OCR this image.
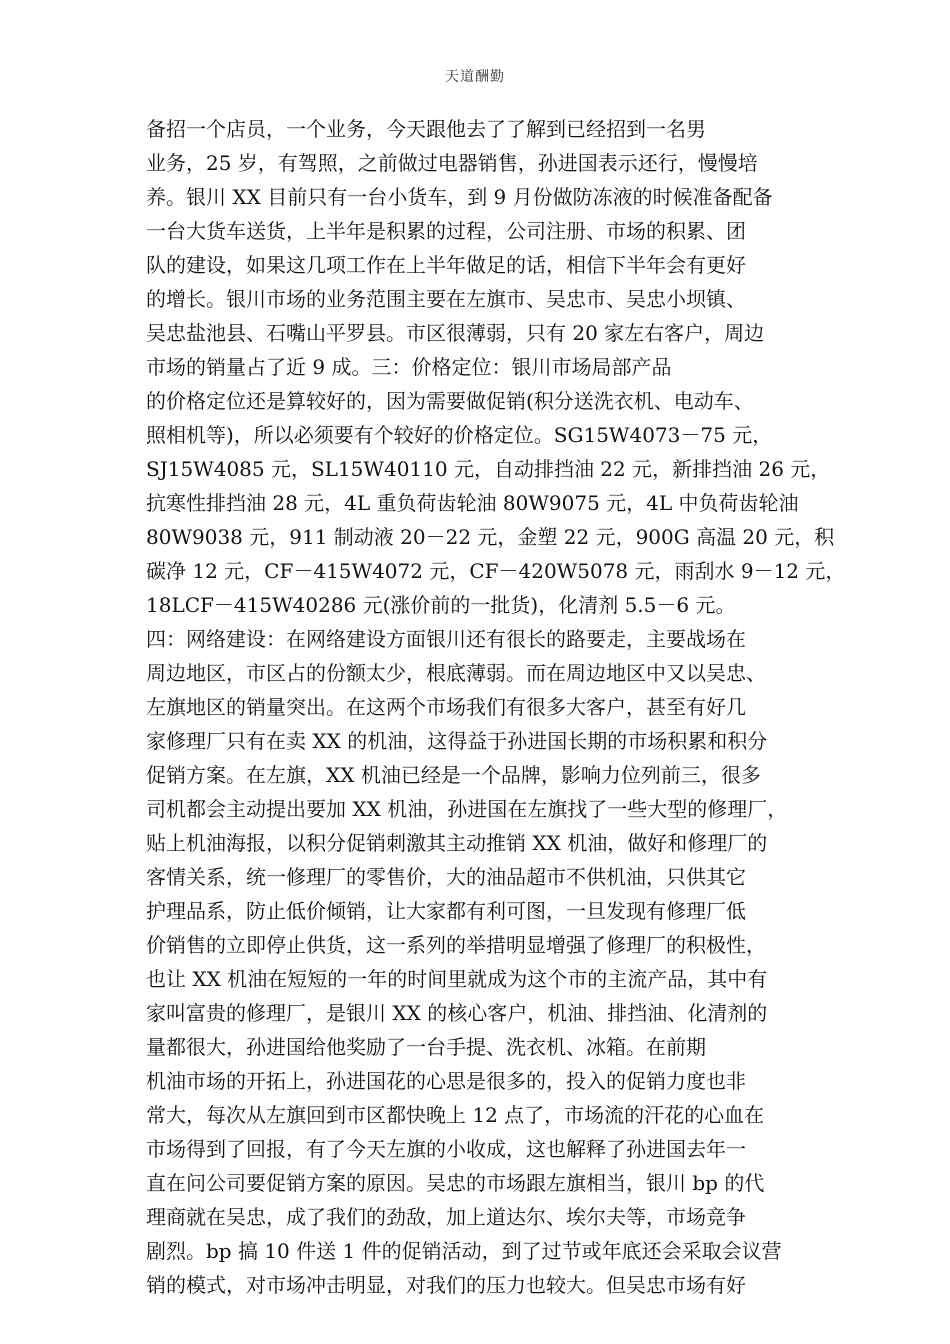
天道酬勤
备招一个店员，一个业务，今天跟他去了了解到已经招到一名男
业务，25 岁，有驾照，之前做过电器销售，孙进国表示还行，慢慢培
养。银川 XX 目前只有一台小货车，到 9 月份做防冻液的时候准备配备
一台大货车送货，上半年是积累的过程，公司注册、市场的积累、团
队的建设，如果这几项工作在上半年做足的话，相信下半年会有更好
的增长。银川市场的业务范围主要在左旗市、吴忠市、吴忠小坝镇、
吴忠盐池县、石嘴山平罗县。市区很薄弱，只有 20 家左右客户，周边
市场的销量占了近 9 成。三：价格定位：银川市场局部产品
的价格定位还是算较好的，因为需要做促销(积分送洗衣机、电动车、
照相机等)，所以必须要有个较好的价格定位。SG15W4073－75 元，
SJ15W4085 元，SL15W40110 元，自动排挡油 22 元，新排挡油 26 元，
抗寒性排挡油 28 元，4L 重负荷齿轮油 80W9075 元，4L 中负荷齿轮油
80W9038 元，911 制动液 20－22 元，金塑 22 元，900G 高温 20 元，积
碳净 12 元，CF－415W4072 元，CF－420W5078 元，雨刮水 9－12 元，
18LCF－415W40286 元(涨价前的一批货)，化清剂 5.5－6 元。
四：网络建设：在网络建设方面银川还有很长的路要走，主要战场在
周边地区，市区占的份额太少，根底薄弱。而在周边地区中又以吴忠、
左旗地区的销量突出。在这两个市场我们有很多大客户，甚至有好几
家修理厂只有在卖 XX 的机油，这得益于孙进国长期的市场积累和积分
促销方案。在左旗，XX 机油已经是一个品牌，影响力位列前三，很多
司机都会主动提出要加 XX 机油，孙进国在左旗找了一些大型的修理厂，
贴上机油海报，以积分促销刺激其主动推销 XX 机油，做好和修理厂的
客情关系，统一修理厂的零售价，大的油品超市不供机油，只供其它
护理品系，防止低价倾销，让大家都有利可图，一旦发现有修理厂低
价销售的立即停止供货，这一系列的举措明显增强了修理厂的积极性，
也让 XX 机油在短短的一年的时间里就成为这个市的主流产品，其中有
家叫富贵的修理厂，是银川 XX 的核心客户，机油、排挡油、化清剂的
量都很大，孙进国给他奖励了一台手提、洗衣机、冰箱。在前期
机油市场的开拓上，孙进国花的心思是很多的，投入的促销力度也非
常大，每次从左旗回到市区都快晚上 12 点了，市场流的汗花的心血在
市场得到了回报，有了今天左旗的小收成，这也解释了孙进国去年一
直在问公司要促销方案的原因。吴忠的市场跟左旗相当，银川 bp 的代
理商就在吴忠，成了我们的劲敌，加上道达尔、埃尔夫等，市场竞争
剧烈。bp 搞 10 件送 1 件的促销活动，到了过节或年底还会采取会议营
销的模式，对市场冲击明显，对我们的压力也较大。但吴忠市场有好
